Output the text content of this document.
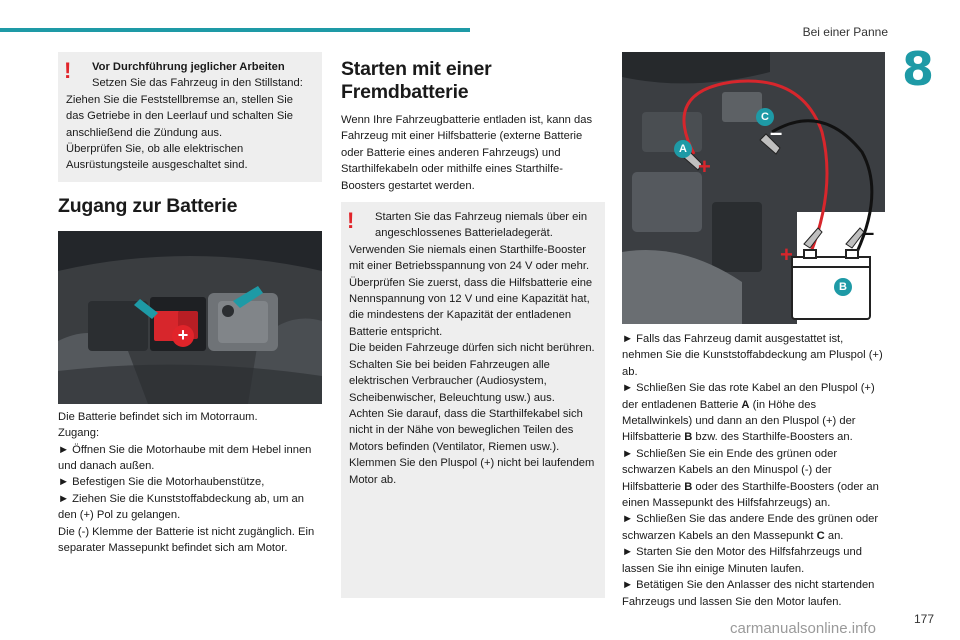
Bei einer Panne
8
!	Vor Durchführung jeglicher Arbeiten

Setzen Sie das Fahrzeug in den Stillstand:

Ziehen Sie die Feststellbremse an, stellen Sie das Getriebe in den Leerlauf und schalten Sie anschließend die Zündung aus.

Überprüfen Sie, ob alle elektrischen Ausrüstungsteile ausgeschaltet sind.

Zugang zur Batterie
+

Die Batterie befindet sich im Motorraum.

Zugang:

► Öffnen Sie die Motorhaube mit dem Hebel innen und danach außen.

► Befestigen Sie die Motorhaubenstütze,

► Ziehen Sie die Kunststoffabdeckung ab, um an den (+) Pol zu gelangen.

Die (-) Klemme der Batterie ist nicht zugänglich. Ein separater Massepunkt befindet sich am Motor.

Starten mit einer Fremdbatterie
Wenn Ihre Fahrzeugbatterie entladen ist, kann das Fahrzeug mit einer Hilfsbatterie (externe Batterie oder Batterie eines anderen Fahrzeugs) und Starthilfekabeln oder mithilfe eines Starthilfe-Boosters gestartet werden.
!	Starten Sie das Fahrzeug niemals über ein angeschlossenes Batterieladegerät.

Verwenden Sie niemals einen Starthilfe-Booster mit einer Betriebsspannung von 24 V oder mehr.

Überprüfen Sie zuerst, dass die Hilfsbatterie eine Nennspannung von 12 V und eine Kapazität hat, die mindestens der Kapazität der entladenen Batterie entspricht.

Die beiden Fahrzeuge dürfen sich nicht berühren.

Schalten Sie bei beiden Fahrzeugen alle elektrischen Verbraucher (Audiosystem, Scheibenwischer, Beleuchtung usw.) aus.

Achten Sie darauf, dass die Starthilfekabel sich nicht in der Nähe von beweglichen Teilen des Motors befinden (Ventilator, Riemen usw.).

Klemmen Sie den Pluspol (+) nicht bei laufendem Motor ab.

+
–
+
–
A
C
B

► Falls das Fahrzeug damit ausgestattet ist, nehmen Sie die Kunststoffabdeckung am Pluspol (+) ab.

► Schließen Sie das rote Kabel an den Pluspol (+) der entladenen Batterie A (in Höhe des Metallwinkels) und dann an den Pluspol (+) der Hilfsbatterie B bzw. des Starthilfe-Boosters an.

► Schließen Sie ein Ende des grünen oder schwarzen Kabels an den Minuspol (-) der Hilfsbatterie B oder des Starthilfe-Boosters (oder an einen Massepunkt des Hilfsfahrzeugs) an.

► Schließen Sie das andere Ende des grünen oder schwarzen Kabels an den Massepunkt C an.

► Starten Sie den Motor des Hilfsfahrzeugs und lassen Sie ihn einige Minuten laufen.

► Betätigen Sie den Anlasser des nicht startenden Fahrzeugs und lassen Sie den Motor laufen.

177
carmanualsonline.info
